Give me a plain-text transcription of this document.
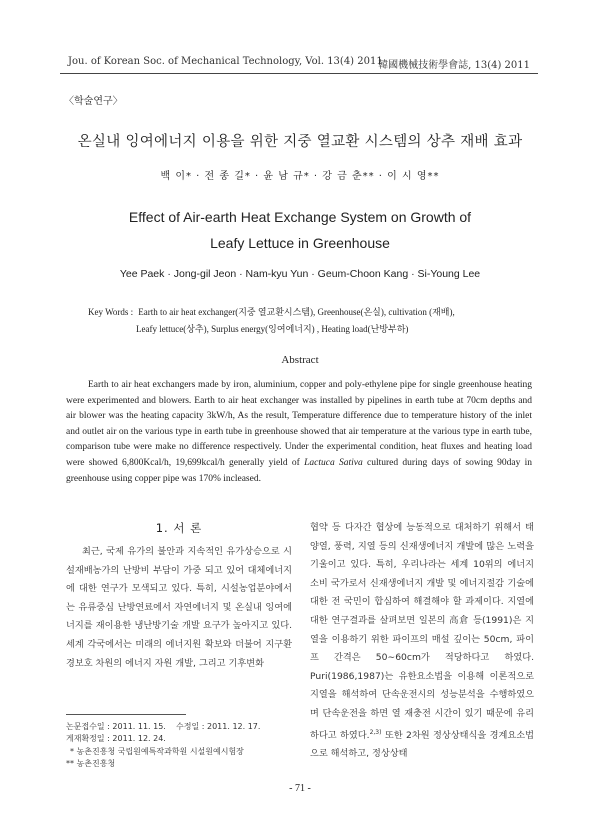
Jou. of Korean Soc. of Mechanical Technology, Vol. 13(4) 2011
韓國機械技術學會誌, 13(4) 2011
〈학술연구〉
온실내 잉여에너지 이용을 위한 지중 열교환 시스템의 상추 재배 효과
백 이* · 전 종 길* · 윤 남 규* · 강 금 춘** · 이 시 영**
Effect of Air-earth Heat Exchange System on Growth of
Leafy Lettuce in Greenhouse
Yee Paek · Jong-gil Jeon · Nam-kyu Yun · Geum-Choon Kang · Si-Young Lee
Key Words : Earth to air heat exchanger(지중 열교환시스템), Greenhouse(온실), cultivation (재배),
Leafy lettuce(상추), Surplus energy(잉여에너지) , Heating load(난방부하)
Abstract
Earth to air heat exchangers made by iron, aluminium, copper and poly-ethylene pipe for single greenhouse heating were experimented and blowers. Earth to air heat exchanger was installed by pipelines in earth tube at 70cm depths and air blower was the heating capacity 3kW/h, As the result, Temperature difference due to temperature history of the inlet and outlet air on the various type in earth tube in greenhouse showed that air temperature at the various type in earth tube, comparison tube were make no difference respectively. Under the experimental condition, heat fluxes and heating load were showed 6,800Kcal/h, 19,699kcal/h generally yield of Lactuca Sativa cultured during days of sowing 90day in greenhouse using copper pipe was 170% incleased.
1. 서 론
최근, 국제 유가의 불안과 지속적인 유가상승으로 시설재배농가의 난방비 부담이 가중 되고 있어 대체에너지에 대한 연구가 모색되고 있다. 특히, 시설농업분야에서는 유류중심 난방연료에서 자연에너지 및 온실내 잉여에너지를 재이용한 냉난방기술 개발 요구가 높아지고 있다. 세계 각국에서는 미래의 에너지원 확보와 더불어 지구환경보호 차원의 에너지 자원 개발, 그리고 기후변화
협약 등 다자간 협상에 능동적으로 대처하기 위해서 태양열, 풍력, 지열 등의 신재생에너지 개발에 많은 노력을 기울이고 있다. 특히, 우리나라는 세계 10위의 에너지 소비 국가로서 신재생에너지 개발 및 에너지절감 기술에 대한 전 국민이 합심하여 해결해야 할 과제이다. 지열에 대한 연구결과를 살펴보면 일본의 高倉 등(1991)은 지열을 이용하기 위한 파이프의 매설 깊이는 50cm, 파이프 간격은 50∼60cm가 적당하다고 하였다. Puri(1986,1987)는 유한요소법을 이용해 이론적으로 지열을 해석하여 단속운전시의 성능분석을 수행하였으며 단속운전을 하면 열 재충전 시간이 있기 때문에 유리하다고 하였다.$^{2,3)}$ 또한 2차원 정상상태식을 경계요소법으로 해석하고, 정상상태
논문접수일 : 2011. 11. 15. 수정일 : 2011. 12. 17.
게재확정일 : 2011. 12. 24.
* 농촌진흥청 국립원예특작과학원 시설원예시험장
** 농촌진흥청
- 71 -
